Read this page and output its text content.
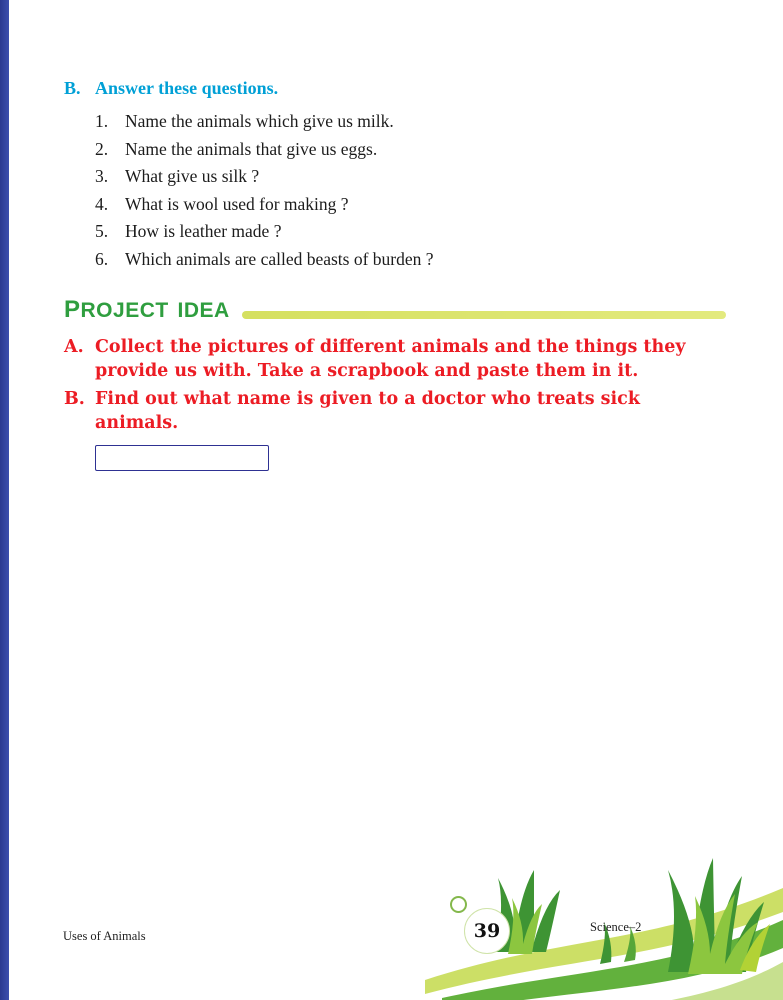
B. Answer these questions.
1. Name the animals which give us milk.
2. Name the animals that give us eggs.
3. What give us silk ?
4. What is wool used for making ?
5. How is leather made ?
6. Which animals are called beasts of burden ?
project idea
A. Collect the pictures of different animals and the things they provide us with. Take a scrapbook and paste them in it.
B. Find out what name is given to a doctor who treats sick animals.
39
Uses of Animals
Science–2
